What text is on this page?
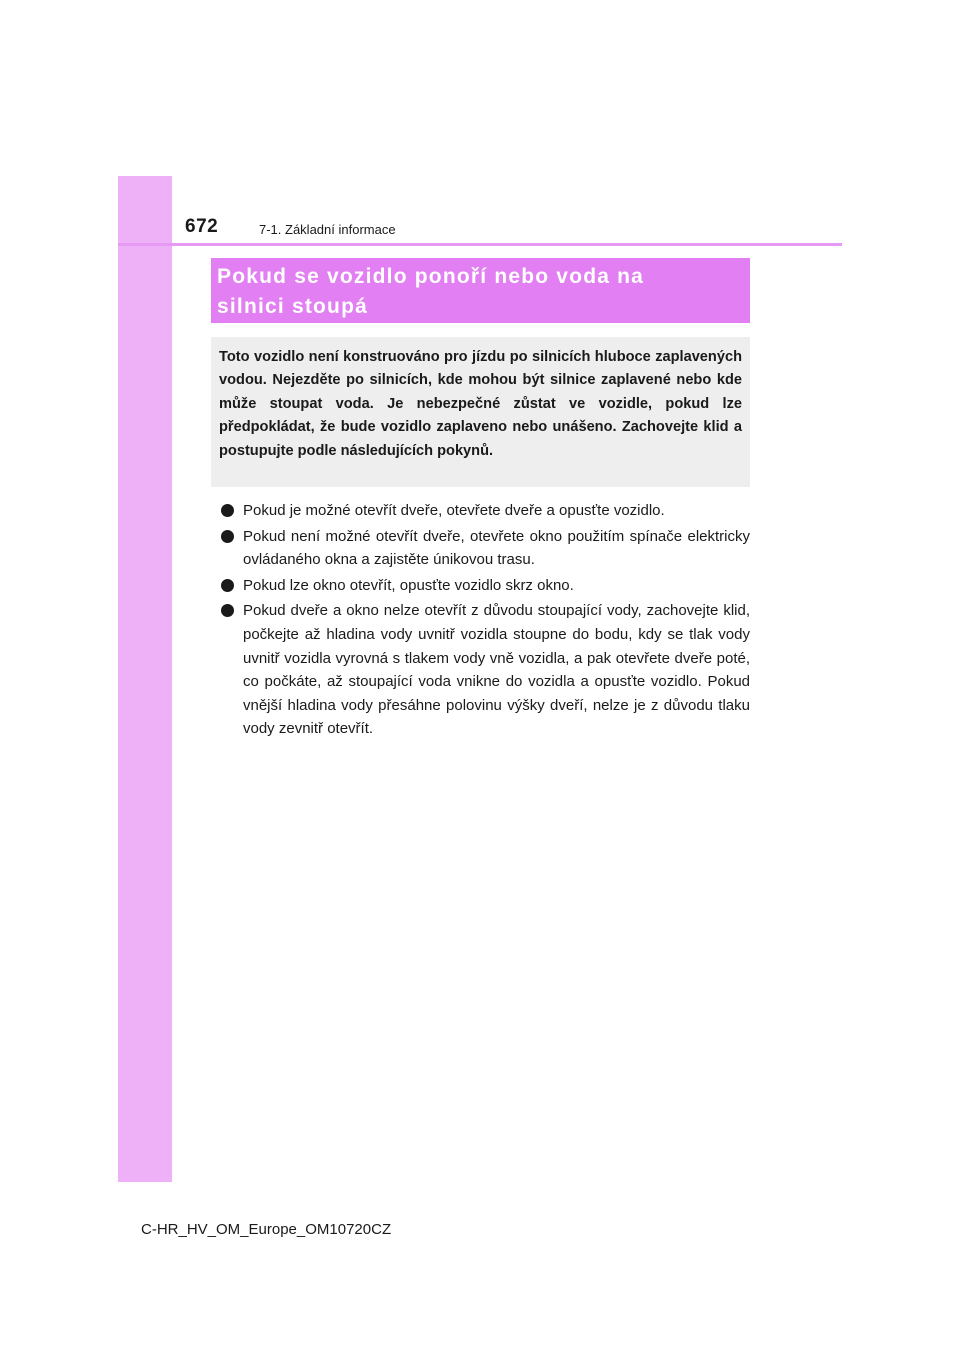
672	7-1. Základní informace

Pokud se vozidlo ponoří nebo voda na

silnici stoupá

Toto vozidlo není konstruováno pro jízdu po silnicích hluboce zaplavených vodou. Nejezděte po silnicích, kde mohou být silnice zaplavené nebo kde může stoupat voda. Je nebezpečné zůstat ve vozidle, pokud lze předpokládat, že bude vozidlo zaplaveno nebo unášeno. Zachovejte klid a postupujte podle následujících pokynů.

Pokud je možné otevřít dveře, otevřete dveře a opusťte vozidlo.
Pokud není možné otevřít dveře, otevřete okno použitím spínače elektricky ovládaného okna a zajistěte únikovou trasu.
Pokud lze okno otevřít, opusťte vozidlo skrz okno.
Pokud dveře a okno nelze otevřít z důvodu stoupající vody, zachovejte klid, počkejte až hladina vody uvnitř vozidla stoupne do bodu, kdy se tlak vody uvnitř vozidla vyrovná s tlakem vody vně vozidla, a pak otevřete dveře poté, co počkáte, až stoupající voda vnikne do vozidla a opusťte vozidlo. Pokud vnější hladina vody přesáhne polovinu výšky dveří, nelze je z důvodu tlaku vody zevnitř otevřít.
C-HR_HV_OM_Europe_OM10720CZ
